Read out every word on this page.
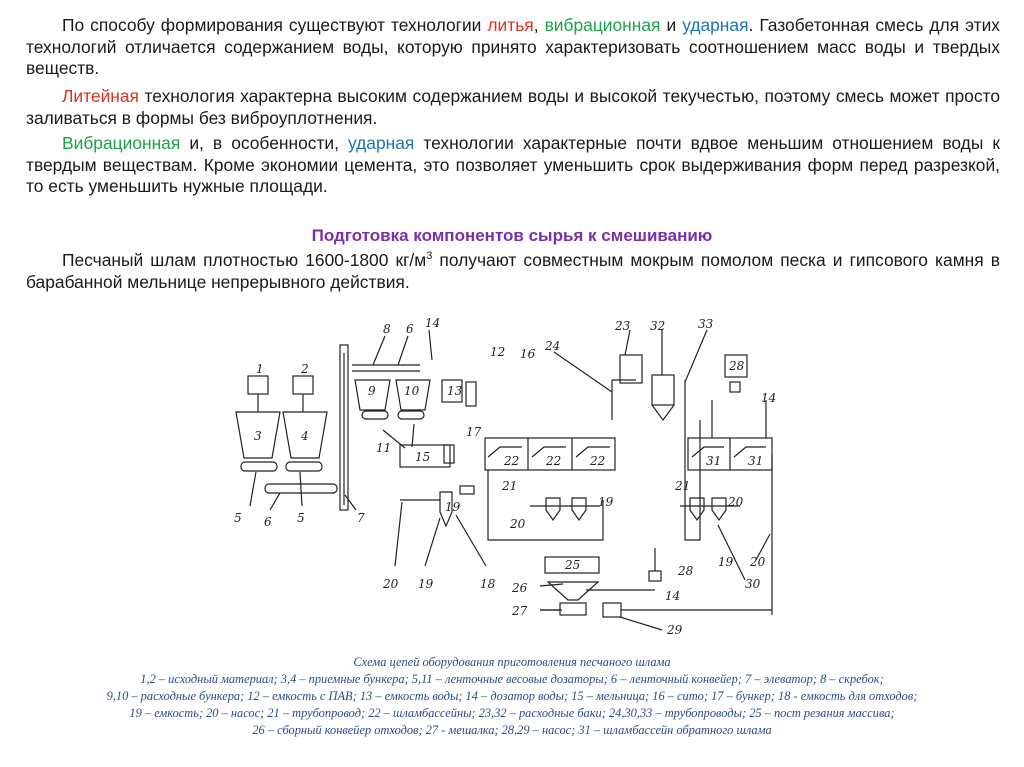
По способу формирования существуют технологии литья, вибрационная и ударная. Газобетонная смесь для этих технологий отличается содержанием воды, которую принято характеризовать соотношением масс воды и твердых веществ.

Литейная технология характерна высоким содержанием воды и высокой текучестью, поэтому смесь может просто заливаться в формы без виброуплотнения.

Вибрационная и, в особенности, ударная технологии характерные почти вдвое меньшим отношением воды к твердым веществам. Кроме экономии цемента, это позволяет уменьшить срок выдерживания форм перед разрезкой, то есть уменьшить нужные площади.

Подготовка компонентов сырья к смешиванию

Песчаный шлам плотностью 1600-1800 $кг/м^3$ получают совместным мокрым помолом песка и гипсового камня в барабанной мельнице непрерывного действия.

1	2
3	4
5 6 5	7
8 6 14
9 10
11
13
17
15
12 16
24
23 32	33
28
14
22 22 22	31 31
21	21
20
19
19	20
19 20
30
20 19	18
25
26
27
28
14
29
Схема цепей оборудования приготовления песчаного шлама
1,2 – исходный материал; 3,4 – приемные бункера; 5,11 – ленточные весовые дозаторы; 6 – ленточный конвейер; 7 – элеватор; 8 – скребок;
9,10 – расходные бункера; 12 – емкость с ПАВ; 13 – емкость воды; 14 – дозатор воды; 15 – мельница; 16 – сито; 17 – бункер; 18 - емкость для отходов;
19 – емкость; 20 – насос; 21 – трубопровод; 22 – шламбассейны; 23,32 – расходные баки; 24,30,33 – трубопроводы; 25 – пост резания массива;
26 – сборный конвейер отходов; 27 - мешалка; 28,29 – насос; 31 – шламбассейн обратного шлама
